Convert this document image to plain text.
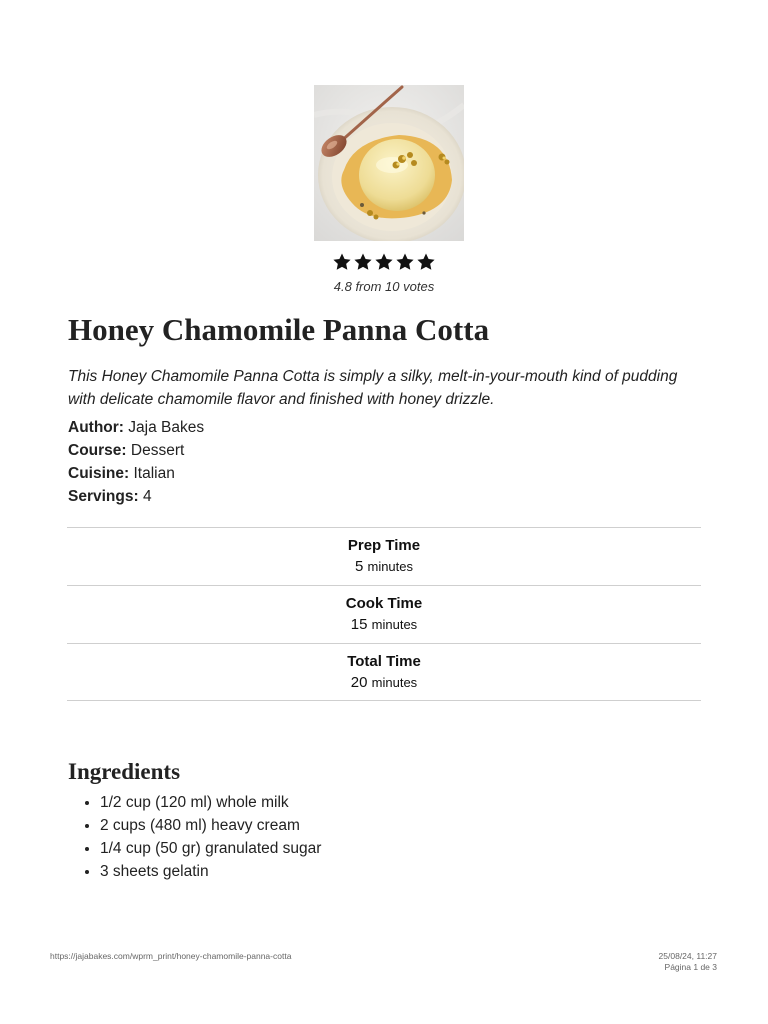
4.8 from 10 votes
Honey Chamomile Panna Cotta

This Honey Chamomile Panna Cotta is simply a silky, melt-in-your-mouth kind of pudding with delicate chamomile flavor and finished with honey drizzle.

Author: Jaja Bakes
Course: Dessert
Cuisine: Italian
Servings: 4
Prep Time
5 minutes
Cook Time
15 minutes
Total Time
20 minutes
Ingredients
• 1/2 cup (120 ml) whole milk
• 2 cups (480 ml) heavy cream
• 1/4 cup (50 gr) granulated sugar
• 3 sheets gelatin
https://jajabakes.com/wprm_print/honey-chamomile-panna-cotta	25/08/24, 11:27
Página 1 de 3
